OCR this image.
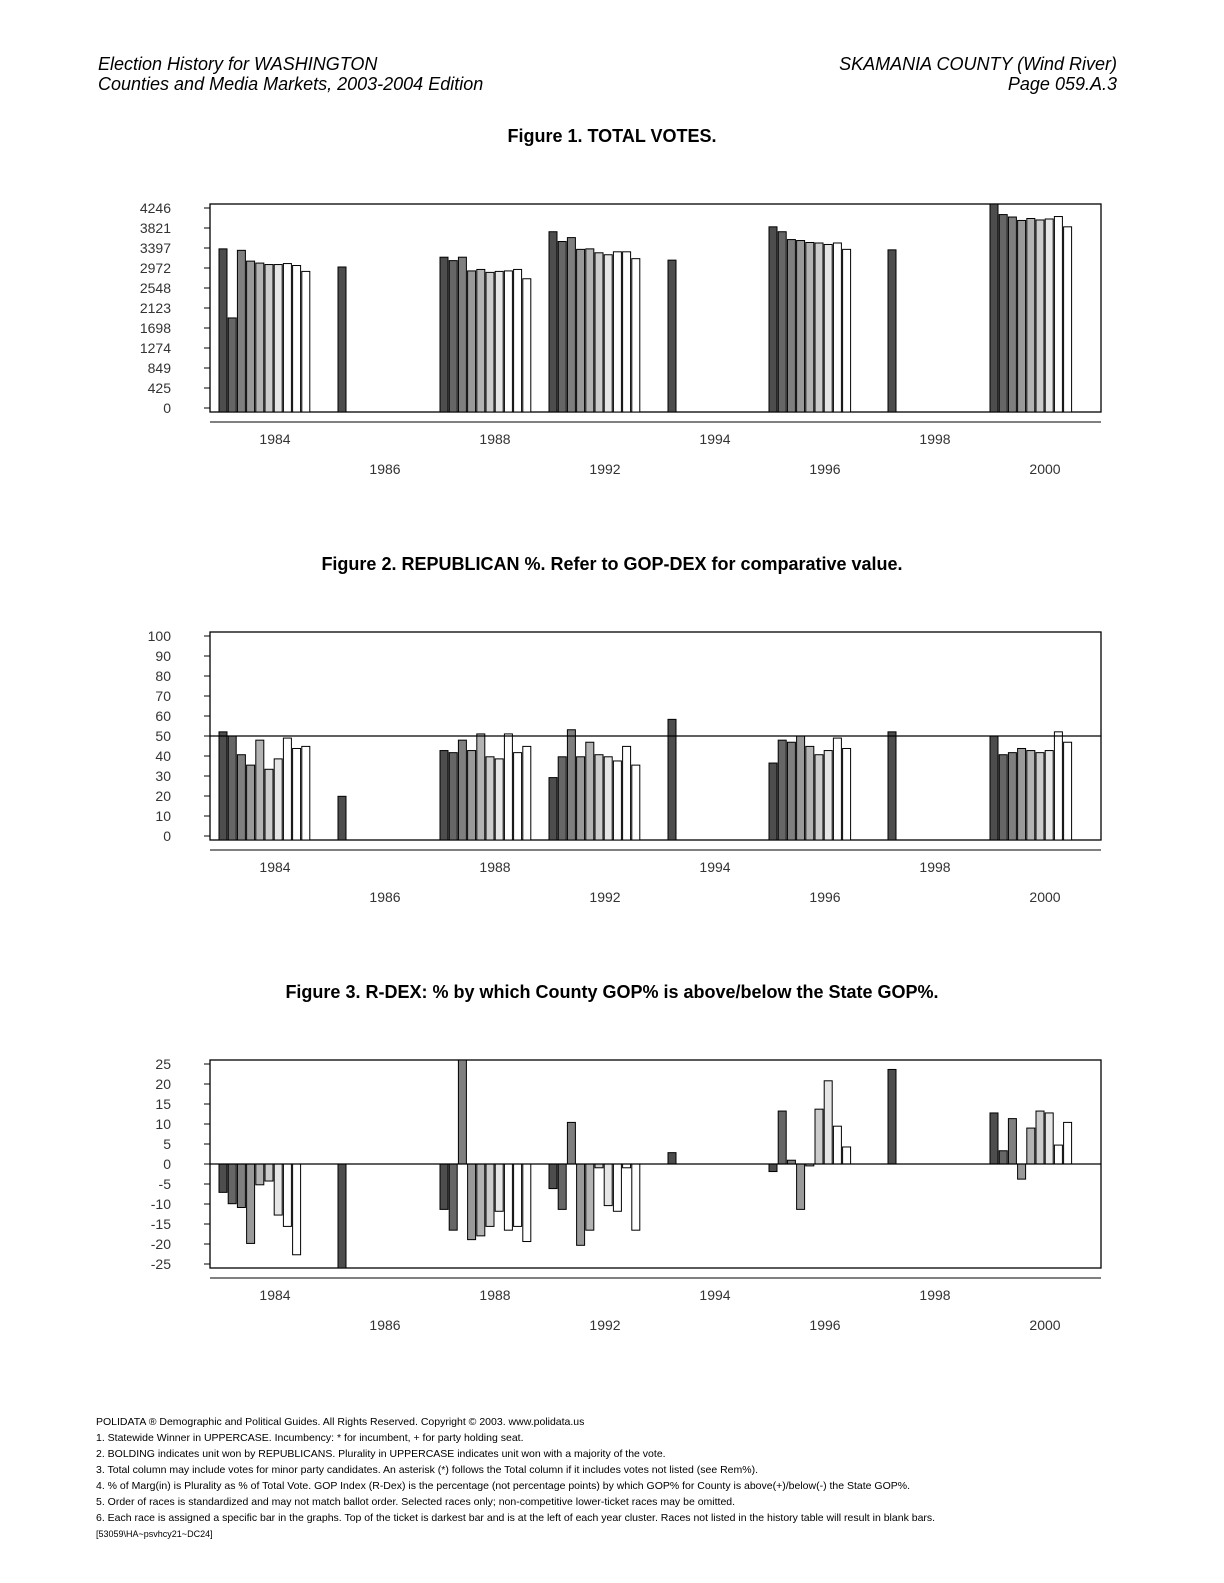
Election History for WASHINGTON
Counties and Media Markets, 2003-2004 Edition
SKAMANIA COUNTY (Wind River)
Page 059.A.3
Figure 1. TOTAL VOTES.
4246
3821
3397
2972
2548
2123
1698
1274
849
425
0
1984	1988	1994	1998
1986	1992	1996	2000
Figure 2. REPUBLICAN %. Refer to GOP-DEX for comparative value.
100
90
80
70
60
50
40
30
20
10
0
1984	1988	1994	1998
1986	1992	1996	2000
Figure 3. R-DEX: % by which County GOP% is above/below the State GOP%.
25
20
15
10
5
0
-5
-10
-15
-20
-25
1984	1988	1994	1998
1986	1992	1996	2000
POLIDATA ® Demographic and Political Guides. All Rights Reserved. Copyright © 2003. www.polidata.us
1. Statewide Winner in UPPERCASE. Incumbency: * for incumbent, + for party holding seat.
2. BOLDING indicates unit won by REPUBLICANS. Plurality in UPPERCASE indicates unit won with a majority of the vote.
3. Total column may include votes for minor party candidates. An asterisk (*) follows the Total column if it includes votes not listed (see Rem%).
4. % of Marg(in) is Plurality as % of Total Vote. GOP Index (R-Dex) is the percentage (not percentage points) by which GOP% for County is above(+)/below(-) the State GOP%.
5. Order of races is standardized and may not match ballot order. Selected races only; non-competitive lower-ticket races may be omitted.
6. Each race is assigned a specific bar in the graphs. Top of the ticket is darkest bar and is at the left of each year cluster. Races not listed in the history table will result in blank bars.
[53059\HA~psvhcy21~DC24]
